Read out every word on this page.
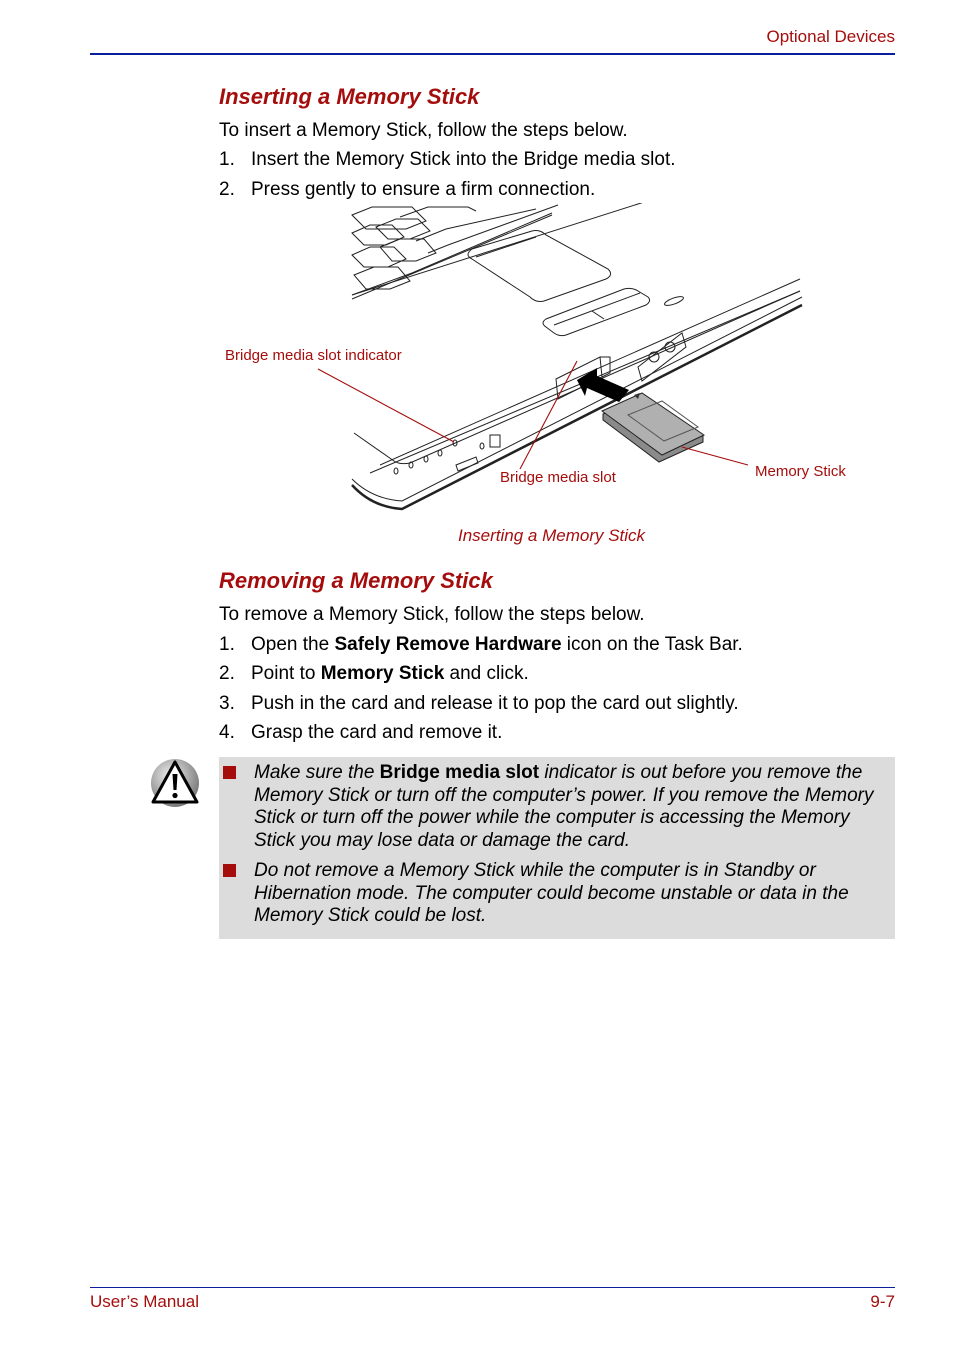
Optional Devices
Inserting a Memory Stick

To insert a Memory Stick, follow the steps below.

1. Insert the Memory Stick into the Bridge media slot.
2. Press gently to ensure a firm connection.
Bridge media slot indicator
Bridge media slot	Memory Stick
Inserting a Memory Stick
Removing a Memory Stick

To remove a Memory Stick, follow the steps below.

1. Open the Safely Remove Hardware icon on the Task Bar.
2. Point to Memory Stick and click.
3. Push in the card and release it to pop the card out slightly.
4. Grasp the card and remove it.
Make sure the Bridge media slot indicator is out before you remove the Memory Stick or turn off the computer’s power. If you remove the Memory Stick or turn off the power while the computer is accessing the Memory Stick you may lose data or damage the card.
Do not remove a Memory Stick while the computer is in Standby or Hibernation mode. The computer could become unstable or data in the Memory Stick could be lost.
User’s Manual	9-7
